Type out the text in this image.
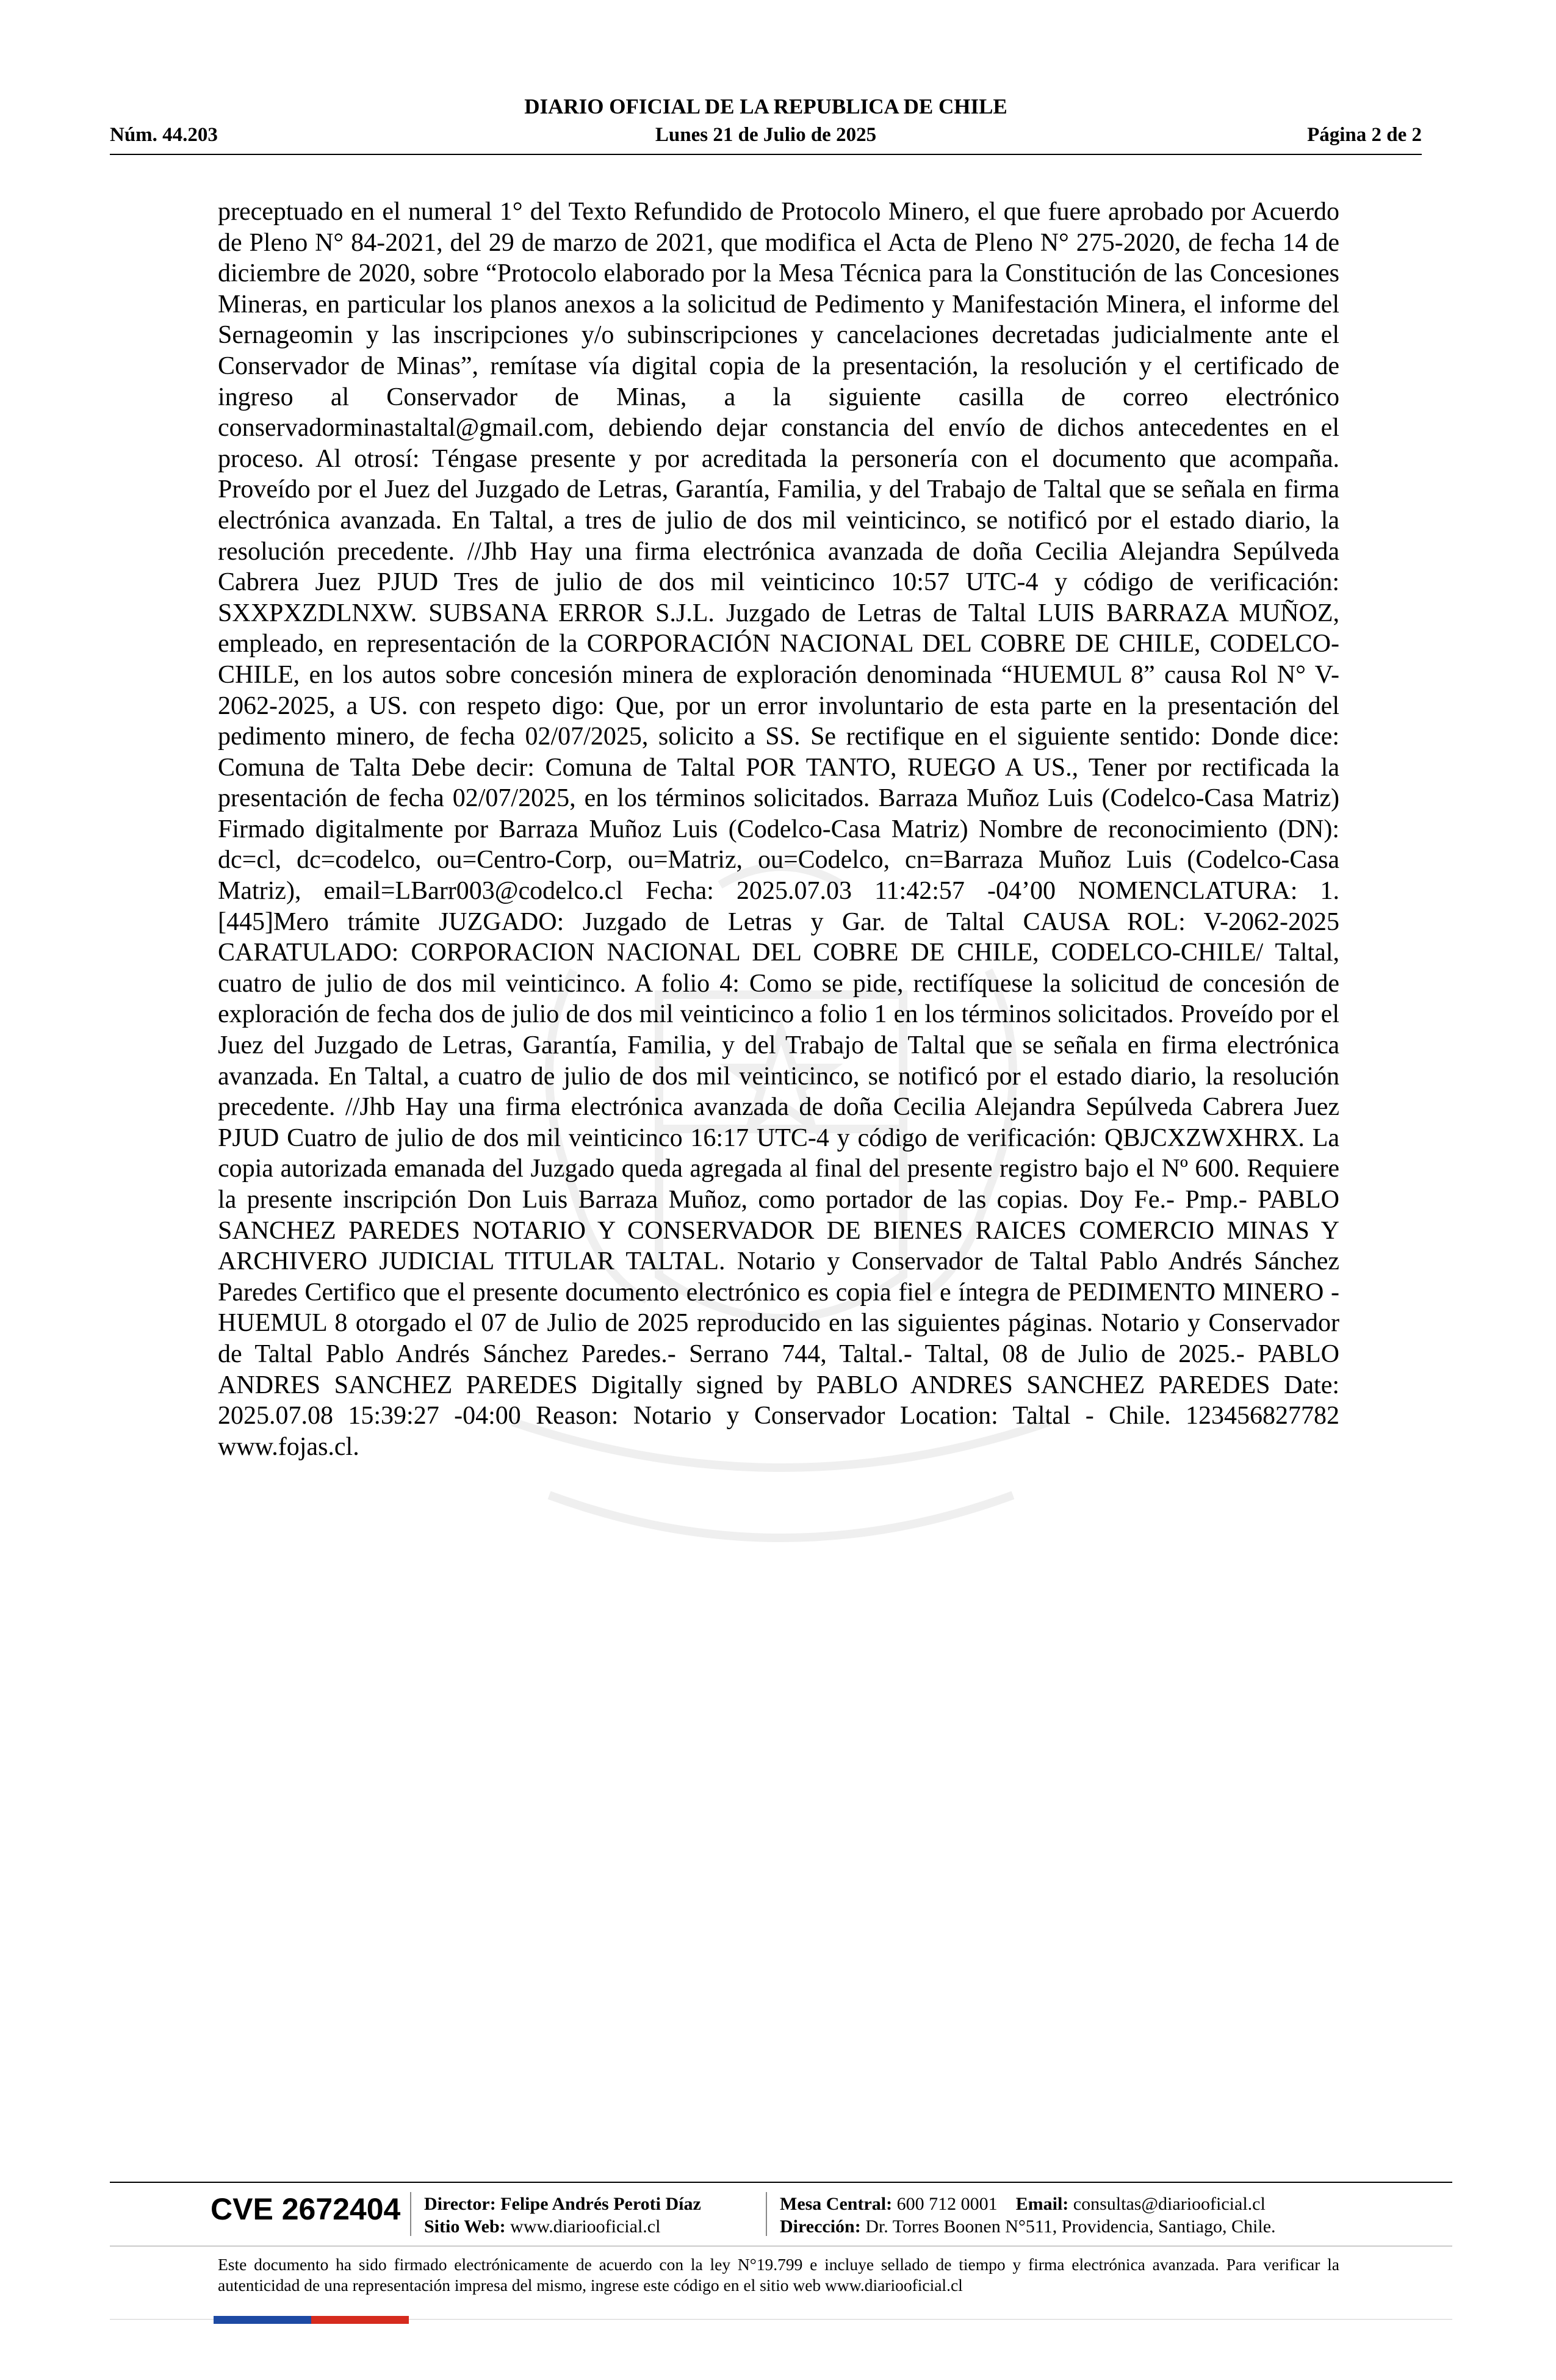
DIARIO OFICIAL DE LA REPUBLICA DE CHILE
Núm. 44.203	Lunes 21 de Julio de 2025	Página 2 de 2
preceptuado en el numeral 1° del Texto Refundido de Protocolo Minero, el que fuere aprobado por Acuerdo de Pleno N° 84-2021, del 29 de marzo de 2021, que modifica el Acta de Pleno N° 275-2020, de fecha 14 de diciembre de 2020, sobre “Protocolo elaborado por la Mesa Técnica para la Constitución de las Concesiones Mineras, en particular los planos anexos a la solicitud de Pedimento y Manifestación Minera, el informe del Sernageomin y las inscripciones y/o subinscripciones y cancelaciones decretadas judicialmente ante el Conservador de Minas”, remítase vía digital copia de la presentación, la resolución y el certificado de ingreso al Conservador de Minas, a la siguiente casilla de correo electrónico conservadorminastaltal@gmail.com, debiendo dejar constancia del envío de dichos antecedentes en el proceso. Al otrosí: Téngase presente y por acreditada la personería con el documento que acompaña. Proveído por el Juez del Juzgado de Letras, Garantía, Familia, y del Trabajo de Taltal que se señala en firma electrónica avanzada. En Taltal, a tres de julio de dos mil veinticinco, se notificó por el estado diario, la resolución precedente. //Jhb Hay una firma electrónica avanzada de doña Cecilia Alejandra Sepúlveda Cabrera Juez PJUD Tres de julio de dos mil veinticinco 10:57 UTC-4 y código de verificación: SXXPXZDLNXW. SUBSANA ERROR S.J.L. Juzgado de Letras de Taltal LUIS BARRAZA MUÑOZ, empleado, en representación de la CORPORACIÓN NACIONAL DEL COBRE DE CHILE, CODELCO-CHILE, en los autos sobre concesión minera de exploración denominada “HUEMUL 8” causa Rol N° V-2062-2025, a US. con respeto digo: Que, por un error involuntario de esta parte en la presentación del pedimento minero, de fecha 02/07/2025, solicito a SS. Se rectifique en el siguiente sentido: Donde dice: Comuna de Talta Debe decir: Comuna de Taltal POR TANTO, RUEGO A US., Tener por rectificada la presentación de fecha 02/07/2025, en los términos solicitados. Barraza Muñoz Luis (Codelco-Casa Matriz) Firmado digitalmente por Barraza Muñoz Luis (Codelco-Casa Matriz) Nombre de reconocimiento (DN): dc=cl, dc=codelco, ou=Centro-Corp, ou=Matriz, ou=Codelco, cn=Barraza Muñoz Luis (Codelco-Casa Matriz), email=LBarr003@codelco.cl Fecha: 2025.07.03 11:42:57 -04’00 NOMENCLATURA: 1. [445]Mero trámite JUZGADO: Juzgado de Letras y Gar. de Taltal CAUSA ROL: V-2062-2025 CARATULADO: CORPORACION NACIONAL DEL COBRE DE CHILE, CODELCO-CHILE/ Taltal, cuatro de julio de dos mil veinticinco. A folio 4: Como se pide, rectifíquese la solicitud de concesión de exploración de fecha dos de julio de dos mil veinticinco a folio 1 en los términos solicitados. Proveído por el Juez del Juzgado de Letras, Garantía, Familia, y del Trabajo de Taltal que se señala en firma electrónica avanzada. En Taltal, a cuatro de julio de dos mil veinticinco, se notificó por el estado diario, la resolución precedente. //Jhb Hay una firma electrónica avanzada de doña Cecilia Alejandra Sepúlveda Cabrera Juez PJUD Cuatro de julio de dos mil veinticinco 16:17 UTC-4 y código de verificación: QBJCXZWXHRX. La copia autorizada emanada del Juzgado queda agregada al final del presente registro bajo el Nº 600. Requiere la presente inscripción Don Luis Barraza Muñoz, como portador de las copias. Doy Fe.- Pmp.- PABLO SANCHEZ PAREDES NOTARIO Y CONSERVADOR DE BIENES RAICES COMERCIO MINAS Y ARCHIVERO JUDICIAL TITULAR TALTAL. Notario y Conservador de Taltal Pablo Andrés Sánchez Paredes Certifico que el presente documento electrónico es copia fiel e íntegra de PEDIMENTO MINERO - HUEMUL 8 otorgado el 07 de Julio de 2025 reproducido en las siguientes páginas. Notario y Conservador de Taltal Pablo Andrés Sánchez Paredes.- Serrano 744, Taltal.- Taltal, 08 de Julio de 2025.- PABLO ANDRES SANCHEZ PAREDES Digitally signed by PABLO ANDRES SANCHEZ PAREDES Date: 2025.07.08 15:39:27 -04:00 Reason: Notario y Conservador Location: Taltal - Chile. 123456827782 www.fojas.cl.
CVE 2672404 Director: Felipe Andrés Peroti Díaz
Sitio Web: www.diariooficial.cl
Mesa Central: 600 712 0001 Email: consultas@diariooficial.cl
Dirección: Dr. Torres Boonen N°511, Providencia, Santiago, Chile.
Este documento ha sido firmado electrónicamente de acuerdo con la ley N°19.799 e incluye sellado de tiempo y firma electrónica avanzada. Para verificar la autenticidad de una representación impresa del mismo, ingrese este código en el sitio web www.diariooficial.cl
